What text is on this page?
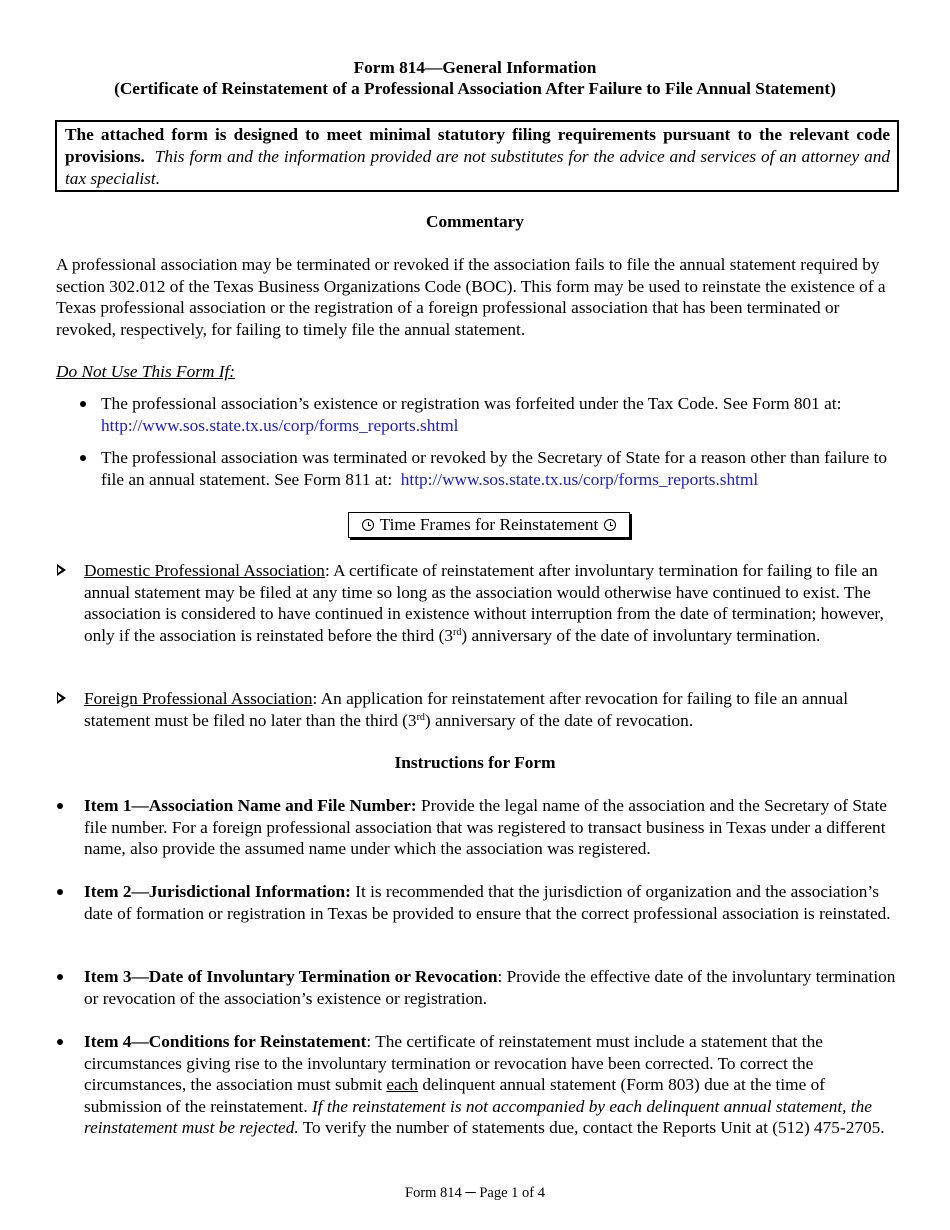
Form 814—General Information
(Certificate of Reinstatement of a Professional Association After Failure to File Annual Statement)
The attached form is designed to meet minimal statutory filing requirements pursuant to the relevant code provisions. This form and the information provided are not substitutes for the advice and services of an attorney and tax specialist.
Commentary
A professional association may be terminated or revoked if the association fails to file the annual statement required by section 302.012 of the Texas Business Organizations Code (BOC). This form may be used to reinstate the existence of a Texas professional association or the registration of a foreign professional association that has been terminated or revoked, respectively, for failing to timely file the annual statement.
Do Not Use This Form If:
The professional association’s existence or registration was forfeited under the Tax Code. See Form 801 at:  http://www.sos.state.tx.us/corp/forms_reports.shtml
The professional association was terminated or revoked by the Secretary of State for a reason other than failure to file an annual statement. See Form 811 at: http://www.sos.state.tx.us/corp/forms_reports.shtml
Time Frames for Reinstatement
Domestic Professional Association: A certificate of reinstatement after involuntary termination for failing to file an annual statement may be filed at any time so long as the association would otherwise have continued to exist. The association is considered to have continued in existence without interruption from the date of termination; however, only if the association is reinstated before the third (3rd) anniversary of the date of involuntary termination.
Foreign Professional Association: An application for reinstatement after revocation for failing to file an annual statement must be filed no later than the third (3rd) anniversary of the date of revocation.
Instructions for Form
Item 1—Association Name and File Number: Provide the legal name of the association and the Secretary of State file number. For a foreign professional association that was registered to transact business in Texas under a different name, also provide the assumed name under which the association was registered.
Item 2—Jurisdictional Information: It is recommended that the jurisdiction of organization and the association’s date of formation or registration in Texas be provided to ensure that the correct professional association is reinstated.
Item 3—Date of Involuntary Termination or Revocation: Provide the effective date of the involuntary termination or revocation of the association’s existence or registration.
Item 4—Conditions for Reinstatement: The certificate of reinstatement must include a statement that the circumstances giving rise to the involuntary termination or revocation have been corrected. To correct the circumstances, the association must submit each delinquent annual statement (Form 803) due at the time of submission of the reinstatement. If the reinstatement is not accompanied by each delinquent annual statement, the reinstatement must be rejected. To verify the number of statements due, contact the Reports Unit at (512) 475-2705.
Form 814 ─ Page 1 of 4
